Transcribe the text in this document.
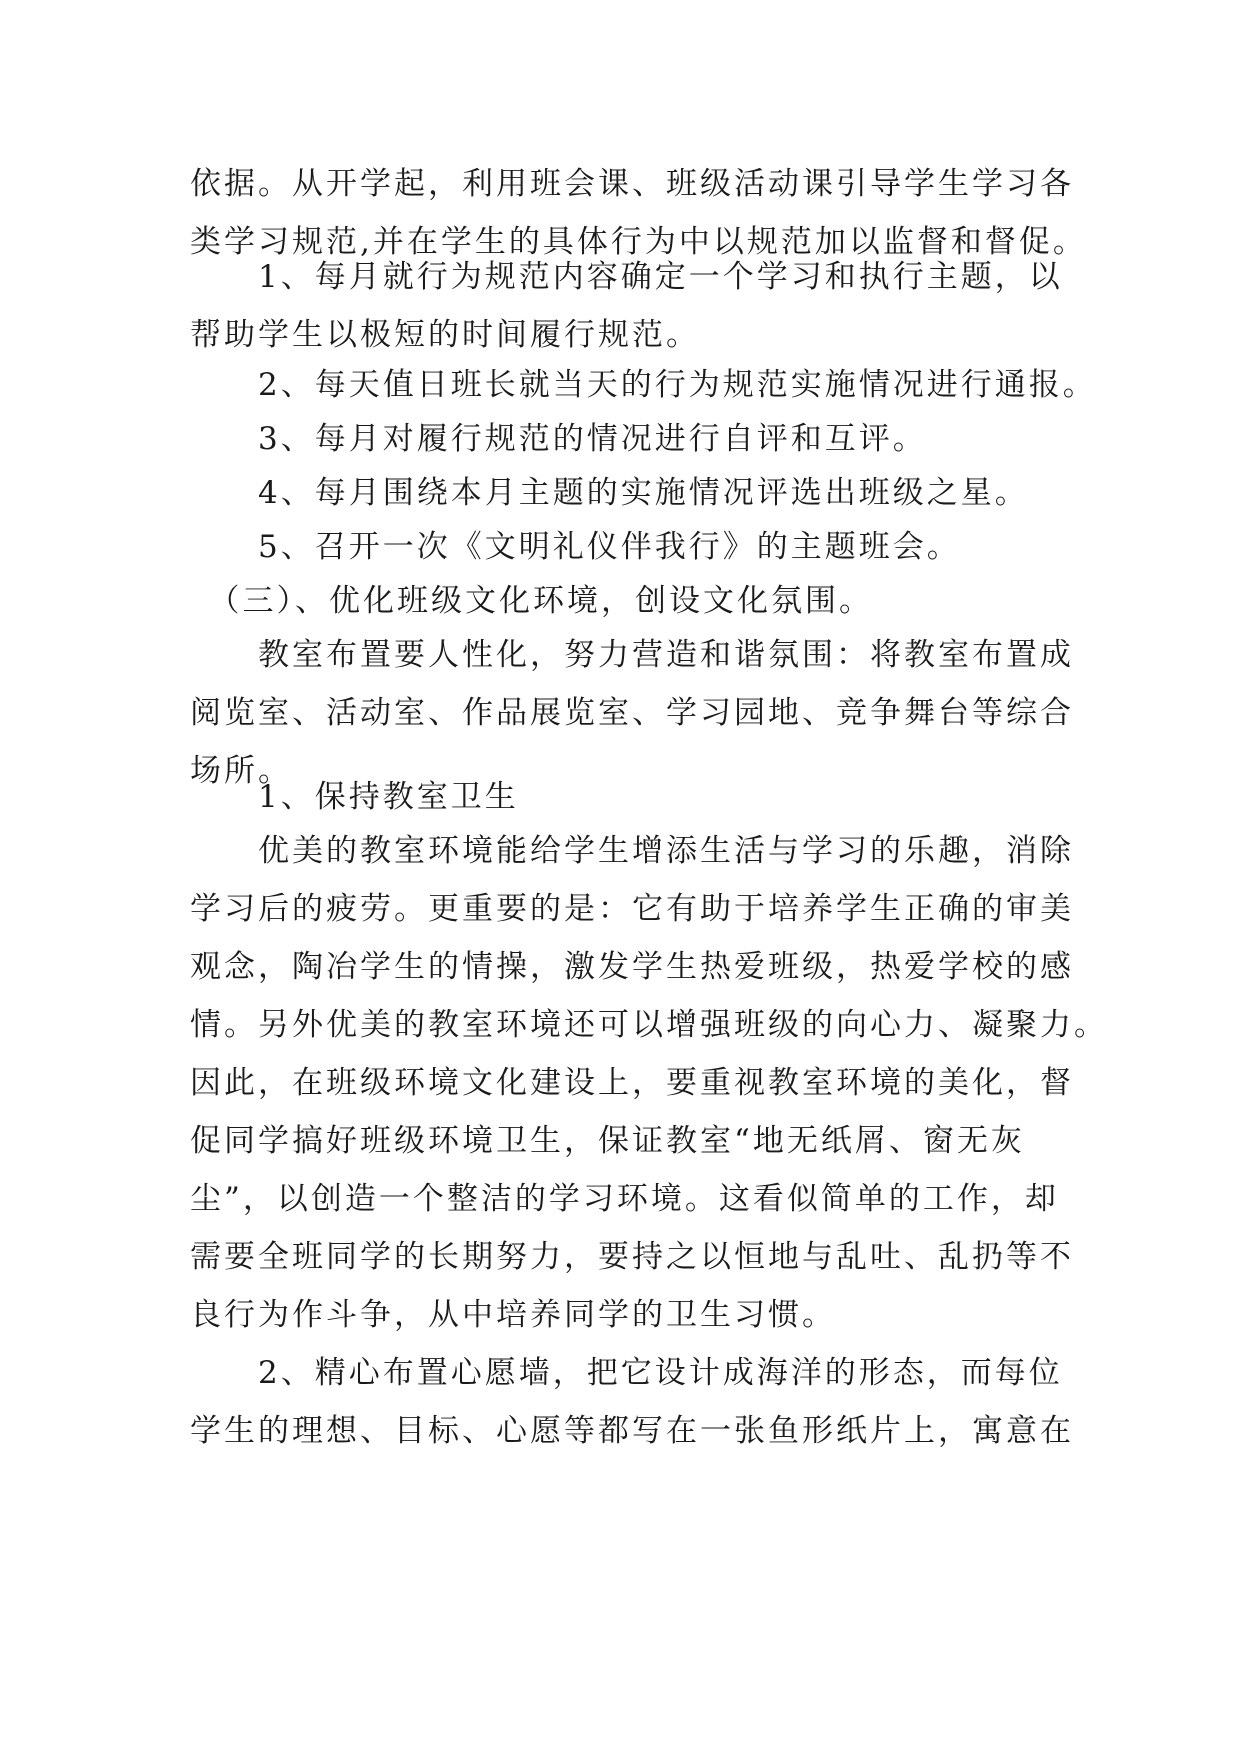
依据。从开学起，利用班会课、班级活动课引导学生学习各
类学习规范,并在学生的具体行为中以规范加以监督和督促。

　　1、每月就行为规范内容确定一个学习和执行主题，以
帮助学生以极短的时间履行规范。

　　2、每天值日班长就当天的行为规范实施情况进行通报。

　　3、每月对履行规范的情况进行自评和互评。

　　4、每月围绕本月主题的实施情况评选出班级之星。

　　5、召开一次《文明礼仪伴我行》的主题班会。

　（三）、优化班级文化环境，创设文化氛围。

　　教室布置要人性化，努力营造和谐氛围：将教室布置成
阅览室、活动室、作品展览室、学习园地、竞争舞台等综合
场所。

　　1、保持教室卫生

　　优美的教室环境能给学生增添生活与学习的乐趣，消除
学习后的疲劳。更重要的是：它有助于培养学生正确的审美
观念，陶冶学生的情操，激发学生热爱班级，热爱学校的感
情。另外优美的教室环境还可以增强班级的向心力、凝聚力。
因此，在班级环境文化建设上，要重视教室环境的美化，督
促同学搞好班级环境卫生，保证教室“地无纸屑、窗无灰
尘”，以创造一个整洁的学习环境。这看似简单的工作，却
需要全班同学的长期努力，要持之以恒地与乱吐、乱扔等不
良行为作斗争，从中培养同学的卫生习惯。

　　2、精心布置心愿墙，把它设计成海洋的形态，而每位
学生的理想、目标、心愿等都写在一张鱼形纸片上，寓意在
